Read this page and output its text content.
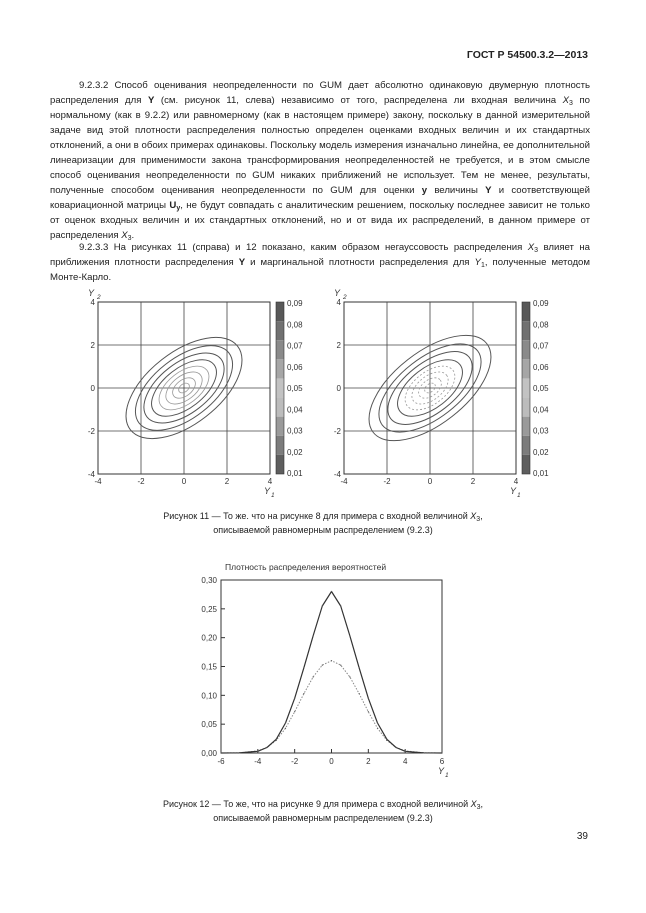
ГОСТ Р 54500.3.2—2013

9.2.3.2 Способ оценивания неопределенности по GUM дает абсолютно одинаковую двумерную плотность распределения для Y (см. рисунок 11, слева) независимо от того, распределена ли входная величина $X_3$ по нормальному (как в 9.2.2) или равномерному (как в настоящем примере) закону, поскольку в данной измерительной задаче вид этой плотности распределения полностью определен оценками входных величин и их стандартных отклонений, а они в обоих примерах одинаковы. Поскольку модель измерения изначально линейна, ее дополнительной линеаризации для применимости закона трансформирования неопределенностей не требуется, и в этом смысле способ оценивания неопределенности по GUM никаких приближений не использует. Тем не менее, результаты, полученные способом оценивания неопределенности по GUM для оценки y величины Y и соответствующей ковариационной матрицы $U_y$, не будут совпадать с аналитическим решением, поскольку последнее зависит не только от оценок входных величин и их стандартных отклонений, но и от вида их распределений, в данном примере от распределения $X_3$.

9.2.3.3 На рисунках 11 (справа) и 12 показано, каким образом негауссовость распределения $X_3$ влияет на приближения плотности распределения Y и маргинальной плотности распределения для $Y_1$, полученные методом Монте-Карло.

-4
-4
-2
-2
0
0
2
2
4
4
Y 2
Y 1
0,09
0,08
0,07
0,06
0,05
0,04
0,03
0,02
0,01
-4
-4
-2
-2
0
0
2
2
4
4
Y 2
Y 1
0,09
0,08
0,07
0,06
0,05
0,04
0,03
0,02
0,01
Рисунок 11 — То же. что на рисунке 8 для примера с входной величиной $X_3$,
описываемой равномерным распределением (9.2.3)
Плотность распределения вероятностей
0,00
0,05
0,10
0,15
0,20
0,25
0,30
-6	-4	-2	0	2	4	6
Y 1
Рисунок 12 — То же, что на рисунке 9 для примера с входной величиной $X_3$,
описываемой равномерным распределением (9.2.3)
39
